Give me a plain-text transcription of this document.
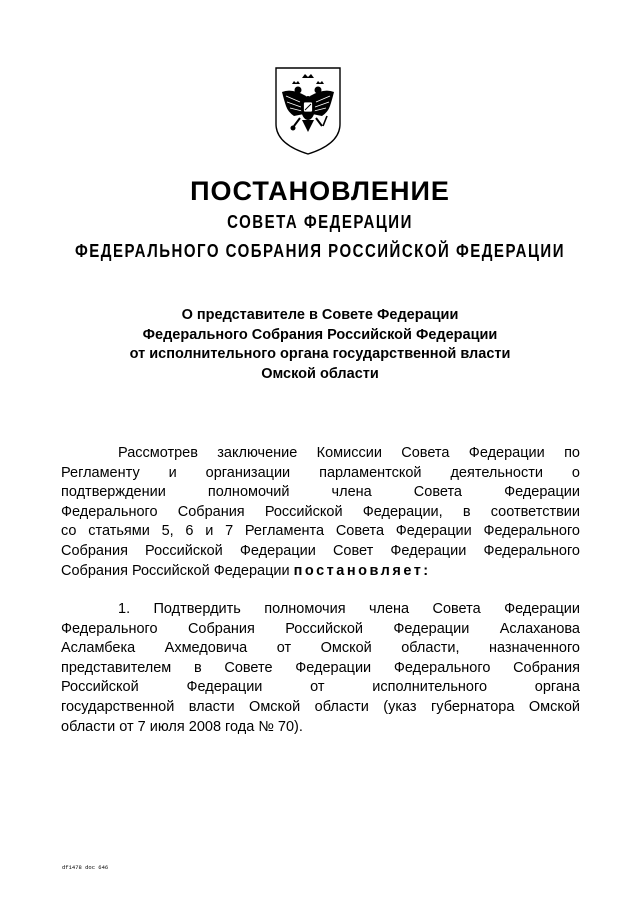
ПОСТАНОВЛЕНИЕ
СОВЕТА ФЕДЕРАЦИИ
ФЕДЕРАЛЬНОГО СОБРАНИЯ РОССИЙСКОЙ ФЕДЕРАЦИИ
О представителе в Совете Федерации
Федерального Собрания Российской Федерации
от исполнительного органа государственной власти
Омской области
Рассмотрев заключение Комиссии Совета Федерации по
Регламенту и организации парламентской деятельности о
подтверждении полномочий члена Совета Федерации
Федерального Собрания Российской Федерации, в соответствии
со статьями 5, 6 и 7 Регламента Совета Федерации Федерального
Собрания Российской Федерации Совет Федерации Федерального
Собрания Российской Федерации постановляет:
1. Подтвердить полномочия члена Совета Федерации
Федерального Собрания Российской Федерации Аслаханова
Асламбека Ахмедовича от Омской области, назначенного
представителем в Совете Федерации Федерального Собрания
Российской Федерации от исполнительного органа
государственной власти Омской области (указ губернатора Омской
области от 7 июля 2008 года № 70).
df1478 doc 646
